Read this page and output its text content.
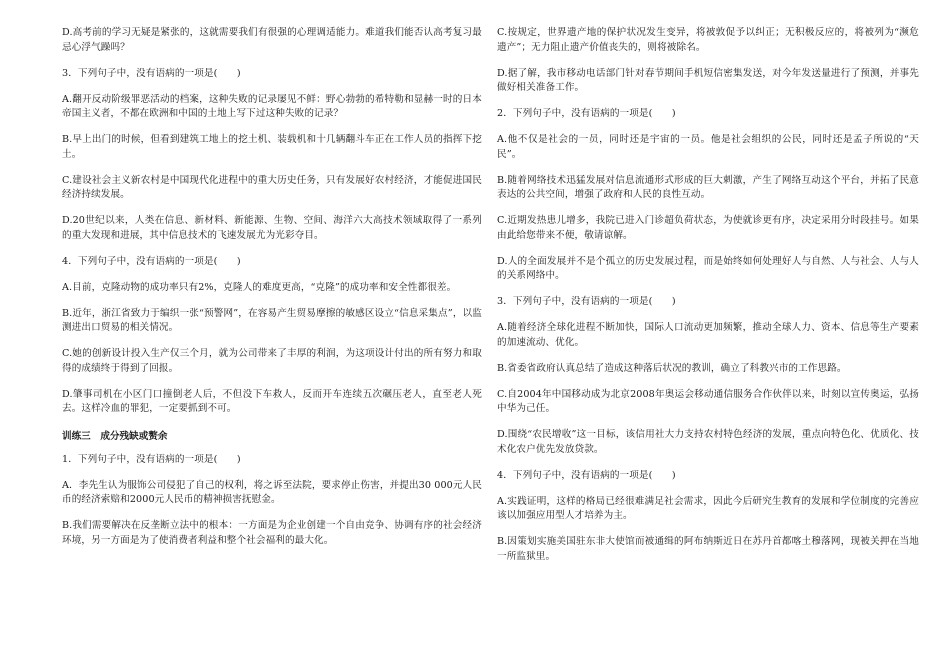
D.高考前的学习无疑是紧张的，这就需要我们有很强的心理调适能力。难道我们能否认高考复习最忌心浮气躁吗？

3．下列句子中，没有语病的一项是(　　)

A.翻开反动阶级罪恶活动的档案，这种失败的记录屡见不鲜：野心勃勃的希特勒和显赫一时的日本帝国主义者，不都在欧洲和中国的土地上写下过这种失败的记录？

B.早上出门的时候，但看到建筑工地上的挖土机、装载机和十几辆翻斗车正在工作人员的指挥下挖土。

C.建设社会主义新农村是中国现代化进程中的重大历史任务，只有发展好农村经济，才能促进国民经济持续发展。

D.20世纪以来，人类在信息、新材料、新能源、生物、空间、海洋六大高技术领域取得了一系列的重大发现和进展，其中信息技术的飞速发展尤为光彩夺目。

4．下列句子中，没有语病的一项是(　　)

A.目前，克隆动物的成功率只有2%，克隆人的难度更高，“克隆”的成功率和安全性都很差。

B.近年，浙江省致力于编织一张“预警网”，在容易产生贸易摩擦的敏感区设立“信息采集点”，以监测进出口贸易的相关情况。

C.她的创新设计投入生产仅三个月，就为公司带来了丰厚的利润，为这项设计付出的所有努力和取得的成绩终于得到了回报。

D.肇事司机在小区门口撞倒老人后，不但没下车救人，反而开车连续五次碾压老人，直至老人死去。这样冷血的罪犯，一定要抓到不可。

训练三　成分残缺或赘余

1．下列句子中，没有语病的一项是(　　)

A．李先生认为服饰公司侵犯了自己的权利，将之诉至法院，要求停止伤害，并提出30 000元人民币的经济索赔和2000元人民币的精神损害抚慰金。

B.我们需要解决在反垄断立法中的根本：一方面是为企业创建一个自由竞争、协调有序的社会经济环境，另一方面是为了使消费者利益和整个社会福利的最大化。

C.按规定，世界遗产地的保护状况发生变异，将被敦促予以纠正；无积极反应的，将被列为“濒危遗产”；无力阻止遗产价值丧失的，则将被除名。

D.据了解，我市移动电话部门针对春节期间手机短信密集发送，对今年发送量进行了预测，并事先做好相关准备工作。

2．下列句子中，没有语病的一项是(　　)

A.他不仅是社会的一员，同时还是宇宙的一员。他是社会组织的公民，同时还是孟子所说的“天民”。

B.随着网络技术迅猛发展对信息流通形式形成的巨大刺激，产生了网络互动这个平台，并拓了民意表达的公共空间，增强了政府和人民的良性互动。

C.近期发热患儿增多，我院已进入门诊超负荷状态，为使就诊更有序，决定采用分时段挂号。如果由此给您带来不便，敬请谅解。

D.人的全面发展并不是个孤立的历史发展过程，而是始终如何处理好人与自然、人与社会、人与人的关系网络中。

3．下列句子中，没有语病的一项是(　　)

A.随着经济全球化进程不断加快，国际人口流动更加频繁，推动全球人力、资本、信息等生产要素的加速流动、优化。

B.省委省政府认真总结了造成这种落后状况的教训，确立了科教兴市的工作思路。

C.自2004年中国移动成为北京2008年奥运会移动通信服务合作伙伴以来，时刻以宣传奥运，弘扬中华为己任。

D.围绕“农民增收”这一目标，该信用社大力支持农村特色经济的发展，重点向特色化、优质化、技术化农户优先发放贷款。

4．下列句子中，没有语病的一项是(　　)

A.实践证明，这样的格局已经很难满足社会需求，因此今后研究生教育的发展和学位制度的完善应该以加强应用型人才培养为主。

B.因策划实施美国驻东非大使馆而被通缉的阿布纳斯近日在苏丹首都喀土穆落网，现被关押在当地一所监狱里。
